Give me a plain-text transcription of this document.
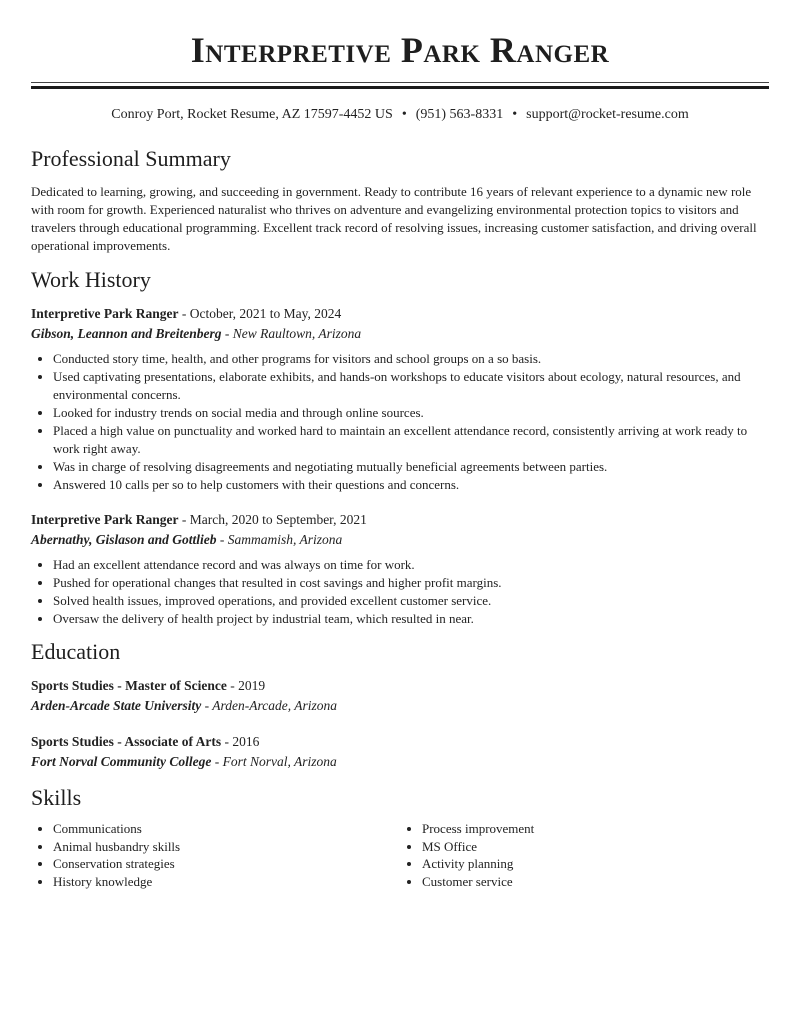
Interpretive Park Ranger
Conroy Port, Rocket Resume, AZ 17597-4452 US • (951) 563-8331 • support@rocket-resume.com
Professional Summary

Dedicated to learning, growing, and succeeding in government. Ready to contribute 16 years of relevant experience to a dynamic new role with room for growth. Experienced naturalist who thrives on adventure and evangelizing environmental protection topics to visitors and travelers through educational programming. Excellent track record of resolving issues, increasing customer satisfaction, and driving overall operational improvements.

Work History
Interpretive Park Ranger - October, 2021 to May, 2024
Gibson, Leannon and Breitenberg - New Raultown, Arizona
• Conducted story time, health, and other programs for visitors and school groups on a so basis.
• Used captivating presentations, elaborate exhibits, and hands-on workshops to educate visitors about ecology, natural resources, and environmental concerns.
• Looked for industry trends on social media and through online sources.
• Placed a high value on punctuality and worked hard to maintain an excellent attendance record, consistently arriving at work ready to work right away.
• Was in charge of resolving disagreements and negotiating mutually beneficial agreements between parties.
• Answered 10 calls per so to help customers with their questions and concerns.
Interpretive Park Ranger - March, 2020 to September, 2021
Abernathy, Gislason and Gottlieb - Sammamish, Arizona
• Had an excellent attendance record and was always on time for work.
• Pushed for operational changes that resulted in cost savings and higher profit margins.
• Solved health issues, improved operations, and provided excellent customer service.
• Oversaw the delivery of health project by industrial team, which resulted in near.
Education
Sports Studies - Master of Science - 2019
Arden-Arcade State University - Arden-Arcade, Arizona
Sports Studies - Associate of Arts - 2016
Fort Norval Community College - Fort Norval, Arizona
Skills
• Communications
• Animal husbandry skills
• Conservation strategies
• History knowledge
• Process improvement
• MS Office
• Activity planning
• Customer service
